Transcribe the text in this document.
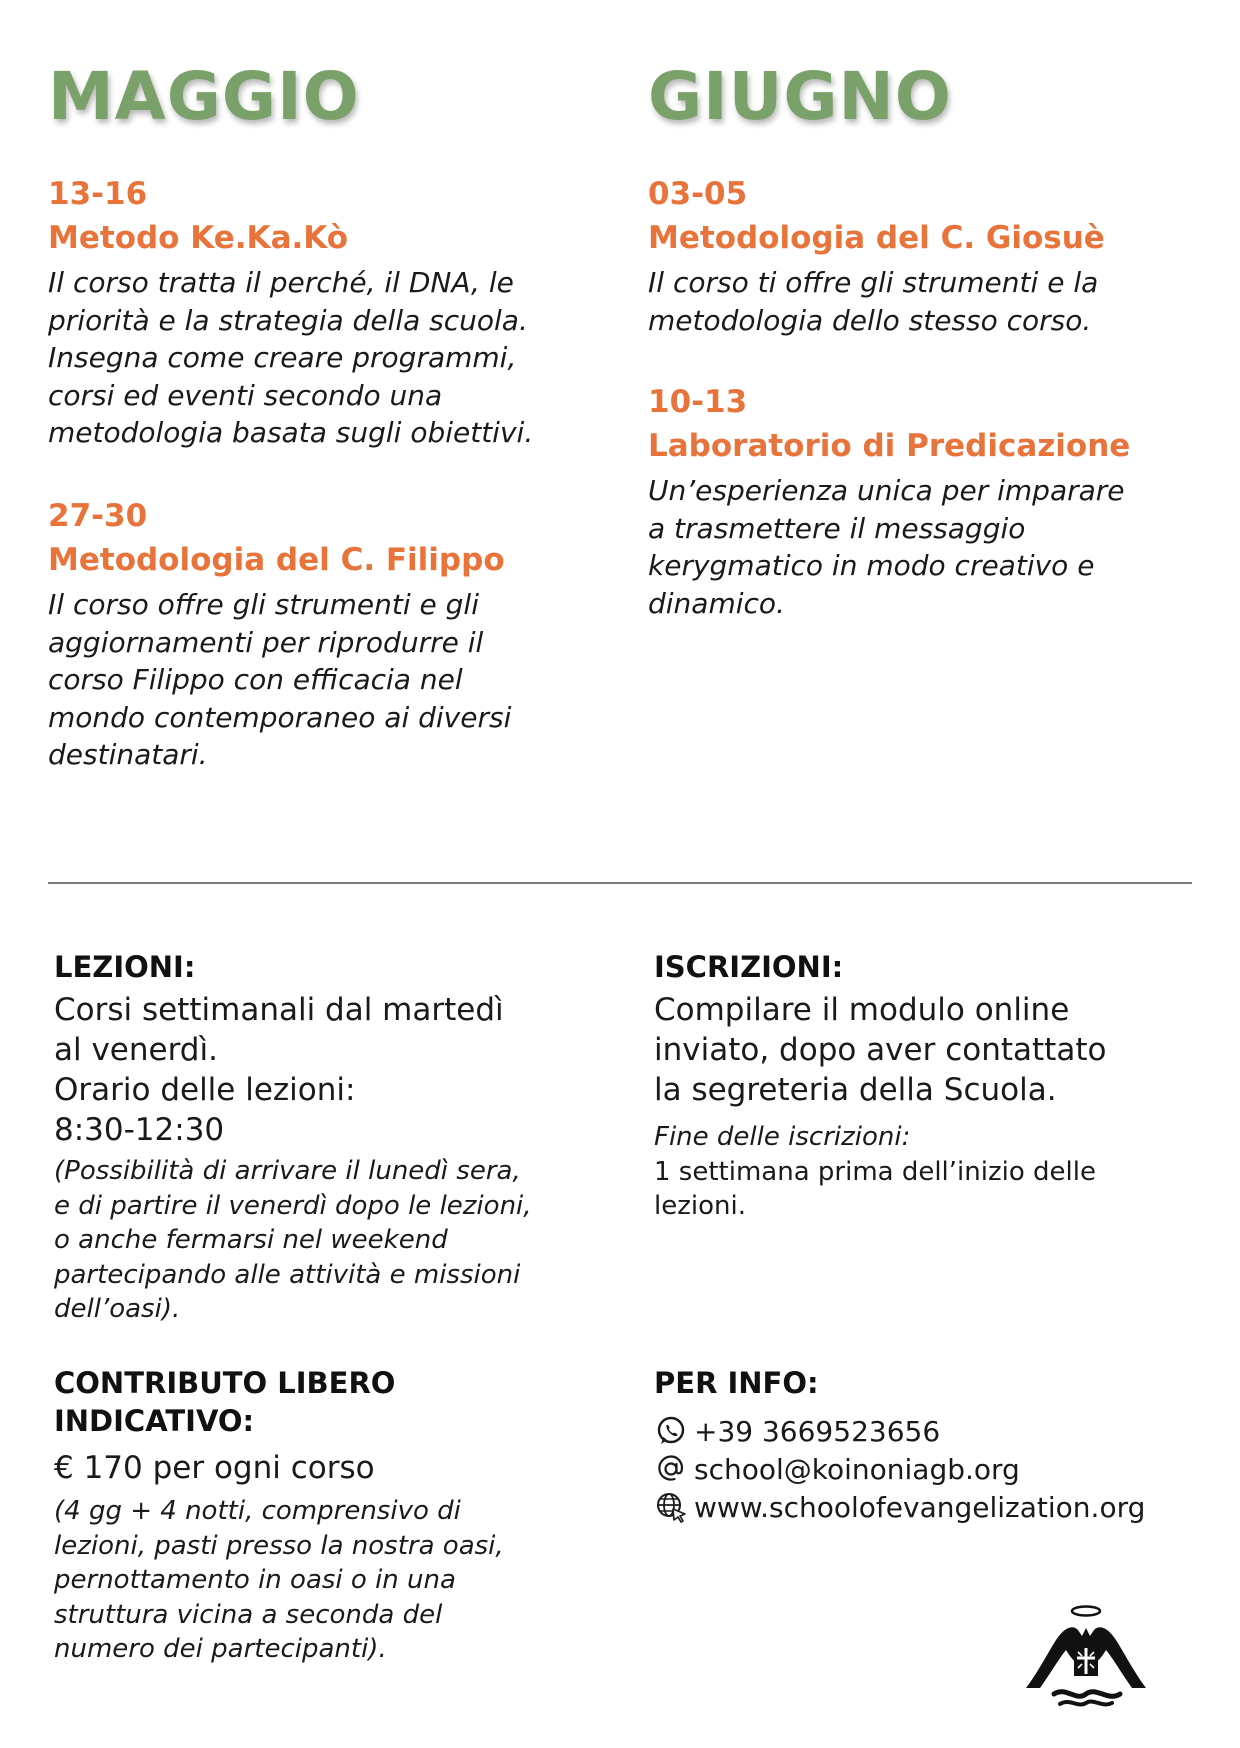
MAGGIO
13-16
Metodo Ke.Ka.Kò
Il corso tratta il perché, il DNA, le
priorità e la strategia della scuola.
Insegna come creare programmi,
corsi ed eventi secondo una
metodologia basata sugli obiettivi.
27-30
Metodologia del C. Filippo
Il corso offre gli strumenti e gli
aggiornamenti per riprodurre il
corso Filippo con efficacia nel
mondo contemporaneo ai diversi
destinatari.
GIUGNO
03-05
Metodologia del C. Giosuè
Il corso ti offre gli strumenti e la
metodologia dello stesso corso.
10-13
Laboratorio di Predicazione
Un’esperienza unica per imparare
a trasmettere il messaggio
kerygmatico in modo creativo e
dinamico.
LEZIONI:
Corsi settimanali dal martedì
al venerdì.
Orario delle lezioni:
8:30-12:30
(Possibilità di arrivare il lunedì sera,
e di partire il venerdì dopo le lezioni,
o anche fermarsi nel weekend
partecipando alle attività e missioni
dell’oasi).
CONTRIBUTO LIBERO
INDICATIVO:
€ 170 per ogni corso
(4 gg + 4 notti, comprensivo di
lezioni, pasti presso la nostra oasi,
pernottamento in oasi o in una
struttura vicina a seconda del
numero dei partecipanti).
ISCRIZIONI:
Compilare il modulo online
inviato, dopo aver contattato
la segreteria della Scuola.
Fine delle iscrizioni:
1 settimana prima dell’inizio delle
lezioni.
PER INFO:
+39 3669523656
school@koinoniagb.org
www.schoolofevangelization.org
